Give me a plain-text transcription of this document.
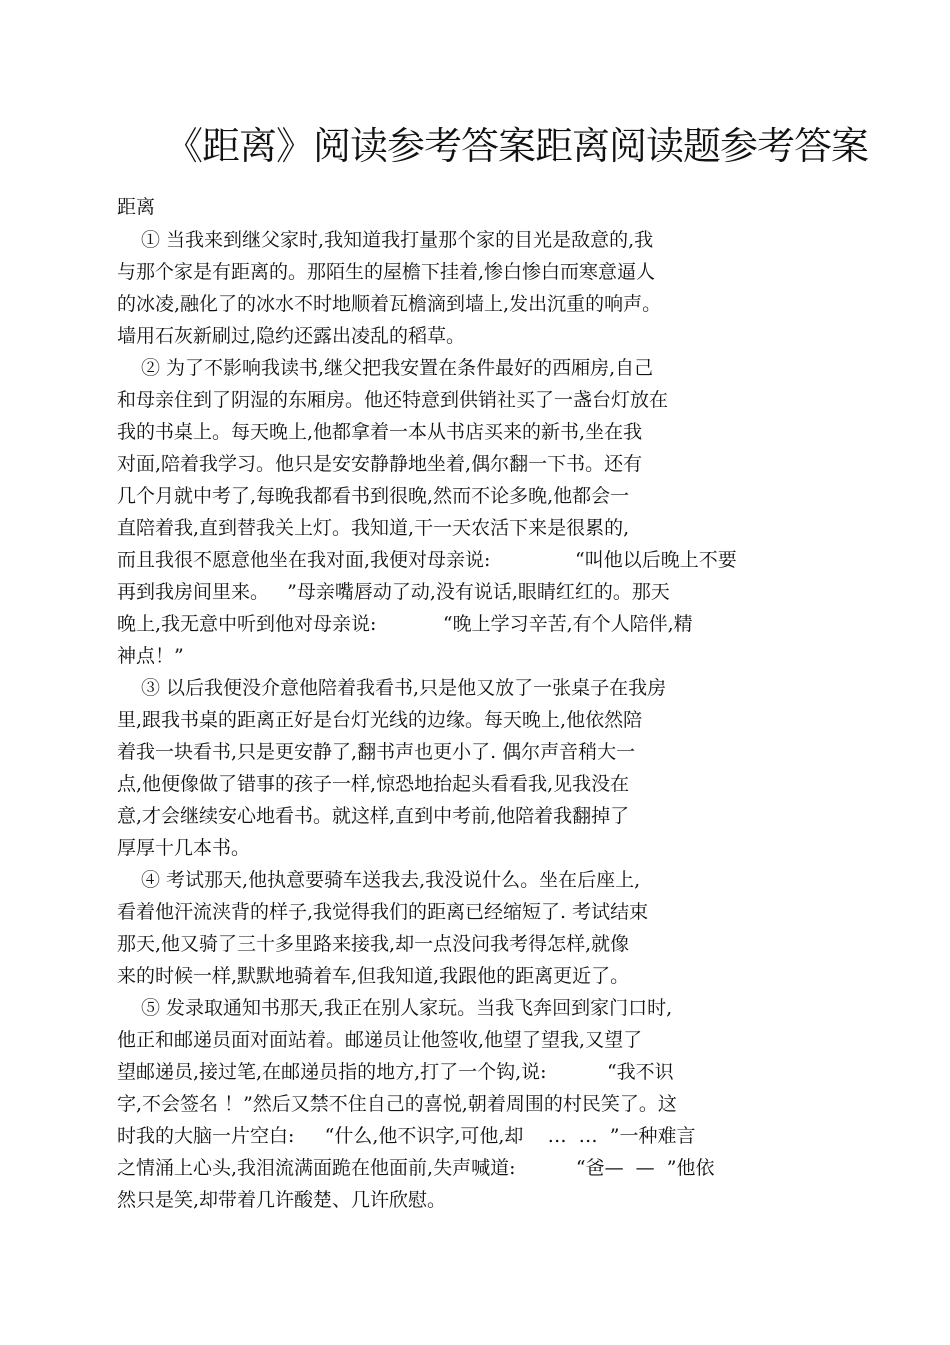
《距离》阅读参考答案距离阅读题参考答案
距离
① 当我来到继父家时,我知道我打量那个家的目光是敌意的,我
与那个家是有距离的。那陌生的屋檐下挂着,惨白惨白而寒意逼人
的冰凌,融化了的冰水不时地顺着瓦檐滴到墙上,发出沉重的响声。
墙用石灰新刷过,隐约还露出凌乱的稻草。
② 为了不影响我读书,继父把我安置在条件最好的西厢房,自己
和母亲住到了阴湿的东厢房。他还特意到供销社买了一盏台灯放在
我的书桌上。每天晚上,他都拿着一本从书店买来的新书,坐在我
对面,陪着我学习。他只是安安静静地坐着,偶尔翻一下书。还有
几个月就中考了,每晚我都看书到很晚,然而不论多晚,他都会一
直陪着我,直到替我关上灯。我知道,干一天农活下来是很累的,
而且我很不愿意他坐在我对面,我便对母亲说:              “叫他以后晚上不要
再到我房间里来。   ”母亲嘴唇动了动,没有说话,眼睛红红的。那天
晚上,我无意中听到他对母亲说:           “晚上学习辛苦,有个人陪伴,精
神点！”
③ 以后我便没介意他陪着我看书,只是他又放了一张桌子在我房
里,跟我书桌的距离正好是台灯光线的边缘。每天晚上,他依然陪
着我一块看书,只是更安静了,翻书声也更小了. 偶尔声音稍大一
点,他便像做了错事的孩子一样,惊恐地抬起头看看我,见我没在
意,才会继续安心地看书。就这样,直到中考前,他陪着我翻掉了
厚厚十几本书。
④ 考试那天,他执意要骑车送我去,我没说什么。坐在后座上,
看着他汗流浃背的样子,我觉得我们的距离已经缩短了. 考试结束
那天,他又骑了三十多里路来接我,却一点没问我考得怎样,就像
来的时候一样,默默地骑着车,但我知道,我跟他的距离更近了。
⑤ 发录取通知书那天,我正在别人家玩。当我飞奔回到家门口时,
他正和邮递员面对面站着。邮递员让他签收,他望了望我,又望了
望邮递员,接过笔,在邮递员指的地方,打了一个钩,说:          “我不识
字,不会签名 ！”然后又禁不住自己的喜悦,朝着周围的村民笑了。这
时我的大脑一片空白:     “什么,他不识字,可他,却    …  …  ”一种难言
之情涌上心头,我泪流满面跪在他面前,失声喊道:          “爸—  —  ”他依
然只是笑,却带着几许酸楚、几许欣慰。
